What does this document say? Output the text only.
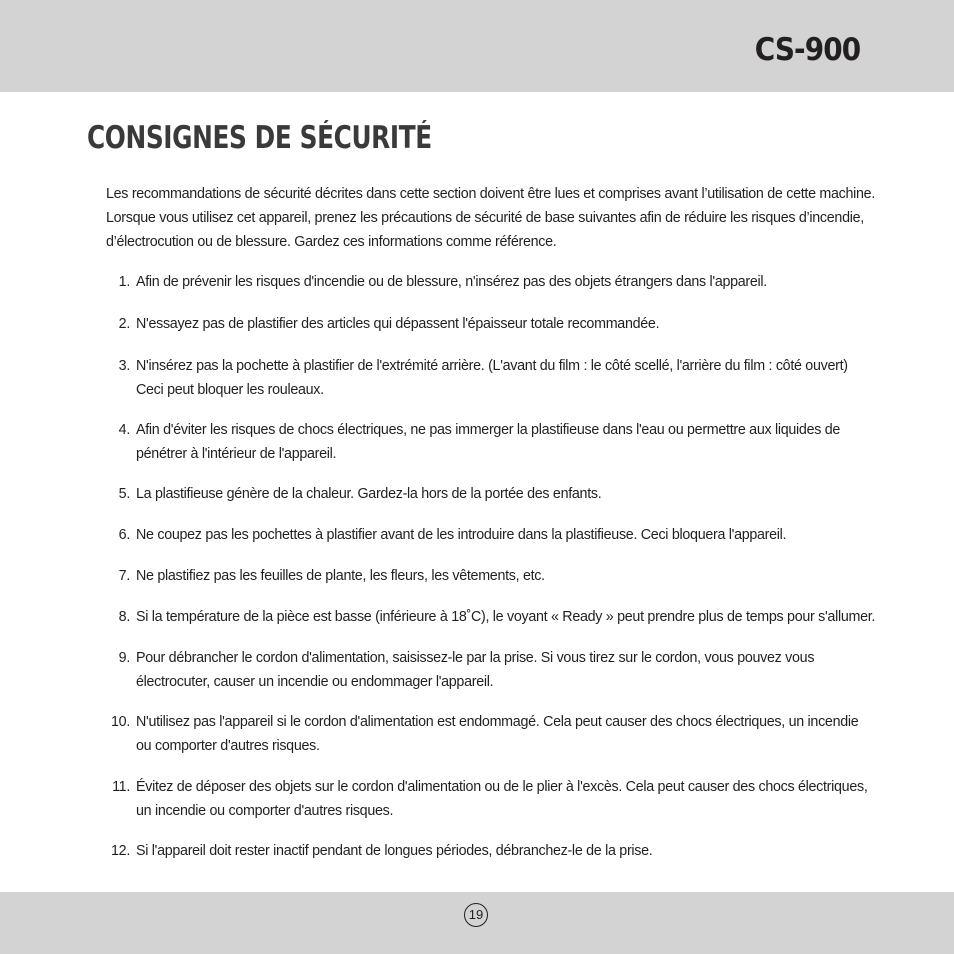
CS-900
CONSIGNES DE SÉCURITÉ
Les recommandations de sécurité décrites dans cette section doivent être lues et comprises avant l’utilisation de cette machine.
Lorsque vous utilisez cet appareil, prenez les précautions de sécurité de base suivantes afin de réduire les risques d’incendie,
d’électrocution ou de blessure. Gardez ces informations comme référence.
1. Afin de prévenir les risques d'incendie ou de blessure, n'insérez pas des objets étrangers dans l'appareil.
2. N'essayez pas de plastifier des articles qui dépassent l'épaisseur totale recommandée.
3. N'insérez pas la pochette à plastifier de l'extrémité arrière. (L'avant du film : le côté scellé, l'arrière du film : côté ouvert)
Ceci peut bloquer les rouleaux.
4. Afin d'éviter les risques de chocs électriques, ne pas immerger la plastifieuse dans l'eau ou permettre aux liquides de
pénétrer à l'intérieur de l'appareil.
5. La plastifieuse génère de la chaleur. Gardez-la hors de la portée des enfants.
6. Ne coupez pas les pochettes à plastifier avant de les introduire dans la plastifieuse. Ceci bloquera l'appareil.
7. Ne plastifiez pas les feuilles de plante, les fleurs, les vêtements, etc.
8. Si la température de la pièce est basse (inférieure à 18˚C), le voyant « Ready » peut prendre plus de temps pour s'allumer.
9. Pour débrancher le cordon d'alimentation, saisissez-le par la prise. Si vous tirez sur le cordon, vous pouvez vous
électrocuter, causer un incendie ou endommager l'appareil.
10. N'utilisez pas l'appareil si le cordon d'alimentation est endommagé. Cela peut causer des chocs électriques, un incendie
ou comporter d'autres risques.
11. Évitez de déposer des objets sur le cordon d'alimentation ou de le plier à l'excès. Cela peut causer des chocs électriques,
un incendie ou comporter d'autres risques.
12. Si l'appareil doit rester inactif pendant de longues périodes, débranchez-le de la prise.
19
